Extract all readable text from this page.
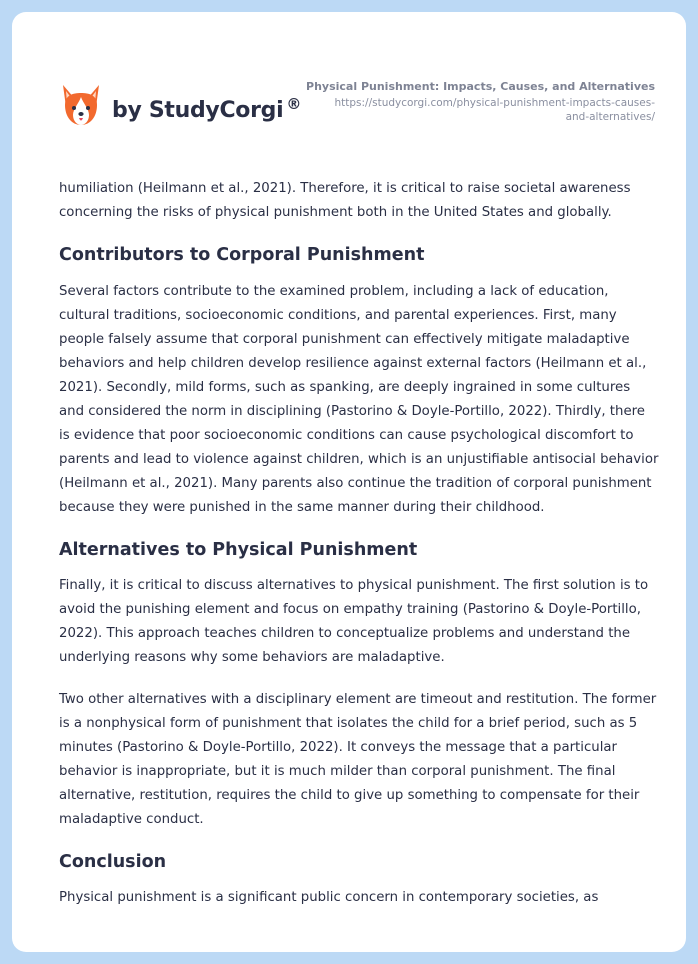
by StudyCorgi ®
Physical Punishment: Impacts, Causes, and Alternatives
https://studycorgi.com/physical-punishment-impacts-causes-
and-alternatives/

humiliation (Heilmann et al., 2021). Therefore, it is critical to raise societal awareness concerning the risks of physical punishment both in the United States and globally.

Contributors to Corporal Punishment

Several factors contribute to the examined problem, including a lack of education, cultural traditions, socioeconomic conditions, and parental experiences. First, many people falsely assume that corporal punishment can effectively mitigate maladaptive behaviors and help children develop resilience against external factors (Heilmann et al., 2021). Secondly, mild forms, such as spanking, are deeply ingrained in some cultures and considered the norm in disciplining (Pastorino & Doyle-Portillo, 2022). Thirdly, there is evidence that poor socioeconomic conditions can cause psychological discomfort to parents and lead to violence against children, which is an unjustifiable antisocial behavior (Heilmann et al., 2021). Many parents also continue the tradition of corporal punishment because they were punished in the same manner during their childhood.

Alternatives to Physical Punishment

Finally, it is critical to discuss alternatives to physical punishment. The first solution is to avoid the punishing element and focus on empathy training (Pastorino & Doyle-Portillo, 2022). This approach teaches children to conceptualize problems and understand the underlying reasons why some behaviors are maladaptive.

Two other alternatives with a disciplinary element are timeout and restitution. The former is a nonphysical form of punishment that isolates the child for a brief period, such as 5 minutes (Pastorino & Doyle-Portillo, 2022). It conveys the message that a particular behavior is inappropriate, but it is much milder than corporal punishment. The final alternative, restitution, requires the child to give up something to compensate for their maladaptive conduct.

Conclusion

Physical punishment is a significant public concern in contemporary societies, as
